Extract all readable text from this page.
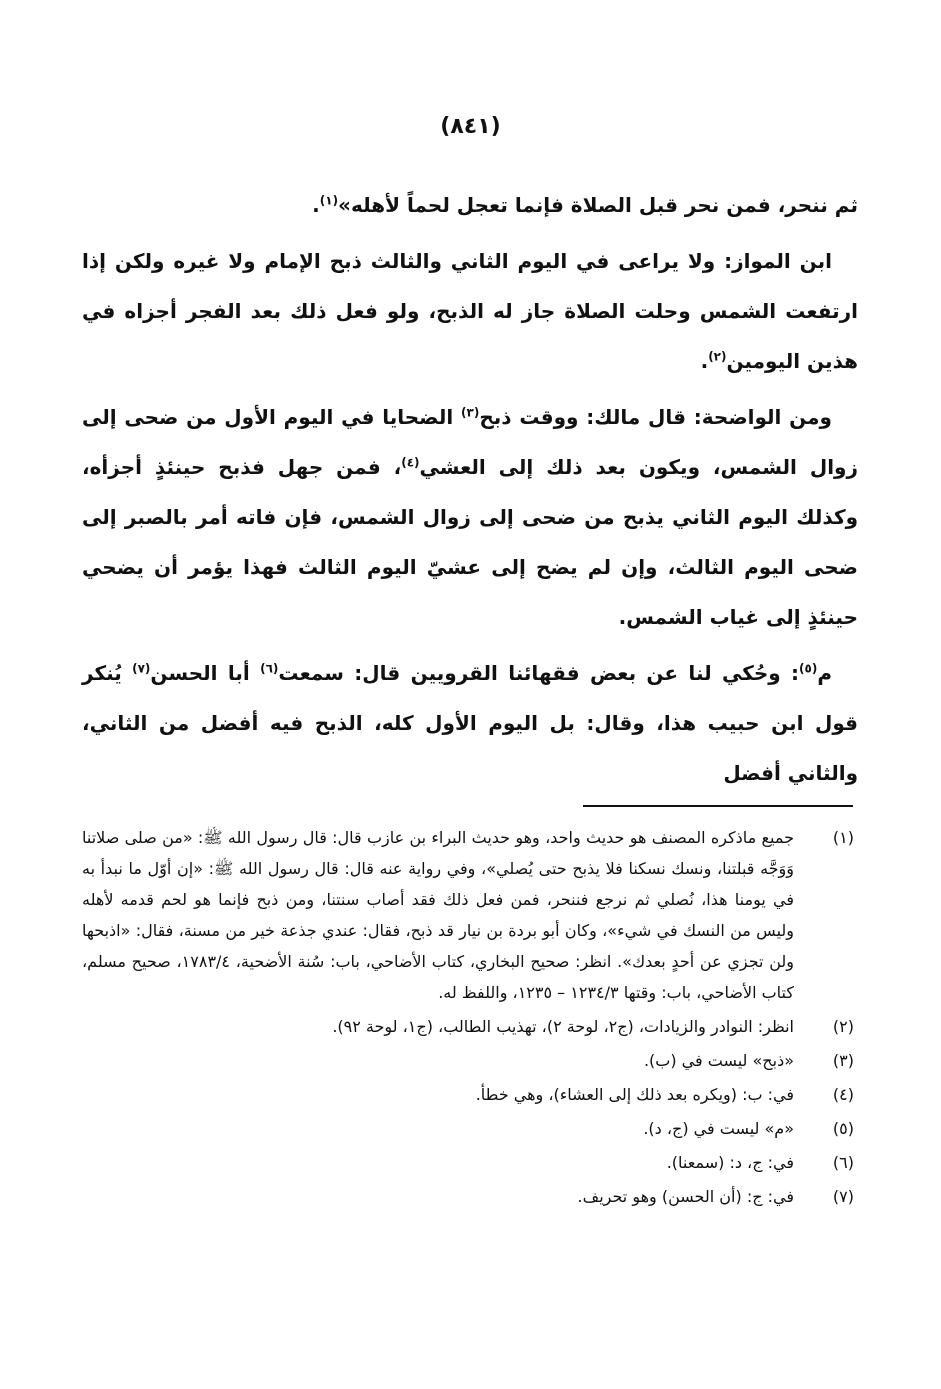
(٨٤١)

ثم ننحر، فمن نحر قبل الصلاة فإنما تعجل لحماً لأهله»$^{(١)}$.

ابن المواز: ولا يراعى في اليوم الثاني والثالث ذبح الإمام ولا غيره ولكن إذا ارتفعت الشمس وحلت الصلاة جاز له الذبح، ولو فعل ذلك بعد الفجر أجزاه في هذين اليومين$^{(٢)}$.

ومن الواضحة: قال مالك: ووقت ذبح$^{(٣)}$ الضحايا في اليوم الأول من ضحى إلى زوال الشمس، ويكون بعد ذلك إلى العشي$^{(٤)}$، فمن جهل فذبح حينئذٍ أجزأه، وكذلك اليوم الثاني يذبح من ضحى إلى زوال الشمس، فإن فاته أمر بالصبر إلى ضحى اليوم الثالث، وإن لم يضح إلى عشيّ اليوم الثالث فهذا يؤمر أن يضحي حينئذٍ إلى غياب الشمس.

م$^{(٥)}$: وحُكي لنا عن بعض فقهائنا القرويين قال: سمعت$^{(٦)}$ أبا الحسن$^{(٧)}$ يُنكر قول ابن حبيب هذا، وقال: بل اليوم الأول كله، الذبح فيه أفضل من الثاني، والثاني أفضل

(١)
جميع ماذكره المصنف هو حديث واحد، وهو حديث البراء بن عازب قال: قال رسول الله ﷺ: «من صلى صلاتنا وَوَجَّه قبلتنا، ونسك نسكنا فلا يذبح حتى يُصلي»، وفي رواية عنه قال: قال رسول الله ﷺ: «إن أوّل ما نبدأ به في يومنا هذا، نُصلي ثم نرجع فننحر، فمن فعل ذلك فقد أصاب سنتنا، ومن ذبح فإنما هو لحم قدمه لأهله وليس من النسك في شيء»، وكان أبو بردة بن نيار قد ذبح، فقال: عندي جذعة خير من مسنة، فقال: «اذبحها ولن تجزي عن أحدٍ بعدك». انظر: صحيح البخاري، كتاب الأضاحي، باب: سُنة الأضحية، ١٧٨٣/٤، صحيح مسلم، كتاب الأضاحي، باب: وقتها ١٢٣٤/٣ – ١٢٣٥، واللفظ له.
(٢)
انظر: النوادر والزيادات، (ج٢، لوحة ٢)، تهذيب الطالب، (ج١، لوحة ٩٢).
(٣)
«ذبح» ليست في (ب).
(٤)
في: ب: (ويكره بعد ذلك إلى العشاء)، وهي خطأ.
(٥)
«م» ليست في (ج، د).
(٦)
في: ج، د: (سمعنا).
(٧)
في: ج: (أن الحسن) وهو تحريف.
